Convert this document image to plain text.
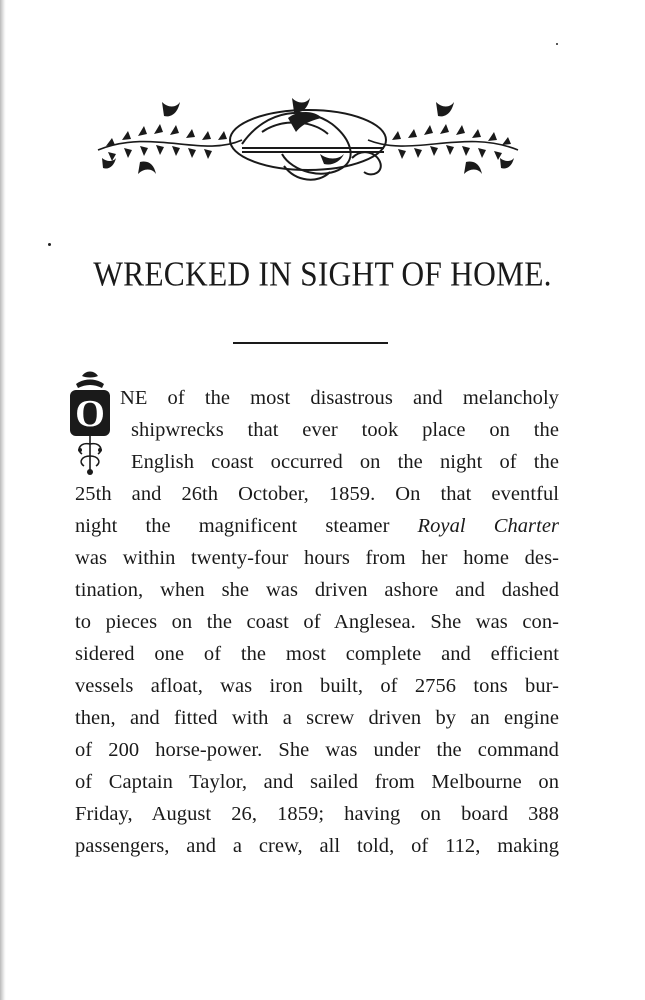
WRECKED IN SIGHT OF HOME.
O NE of the most disastrous and melancholy
shipwrecks that ever took place on the
English coast occurred on the night of the
25th and 26th October, 1859. On that eventful
night the magnificent steamer Royal Charter
was within twenty-four hours from her home des-
tination, when she was driven ashore and dashed
to pieces on the coast of Anglesea. She was con-
sidered one of the most complete and efficient
vessels afloat, was iron built, of 2756 tons bur-
then, and fitted with a screw driven by an engine
of 200 horse-power. She was under the command
of Captain Taylor, and sailed from Melbourne on
Friday, August 26, 1859; having on board 388
passengers, and a crew, all told, of 112, making
